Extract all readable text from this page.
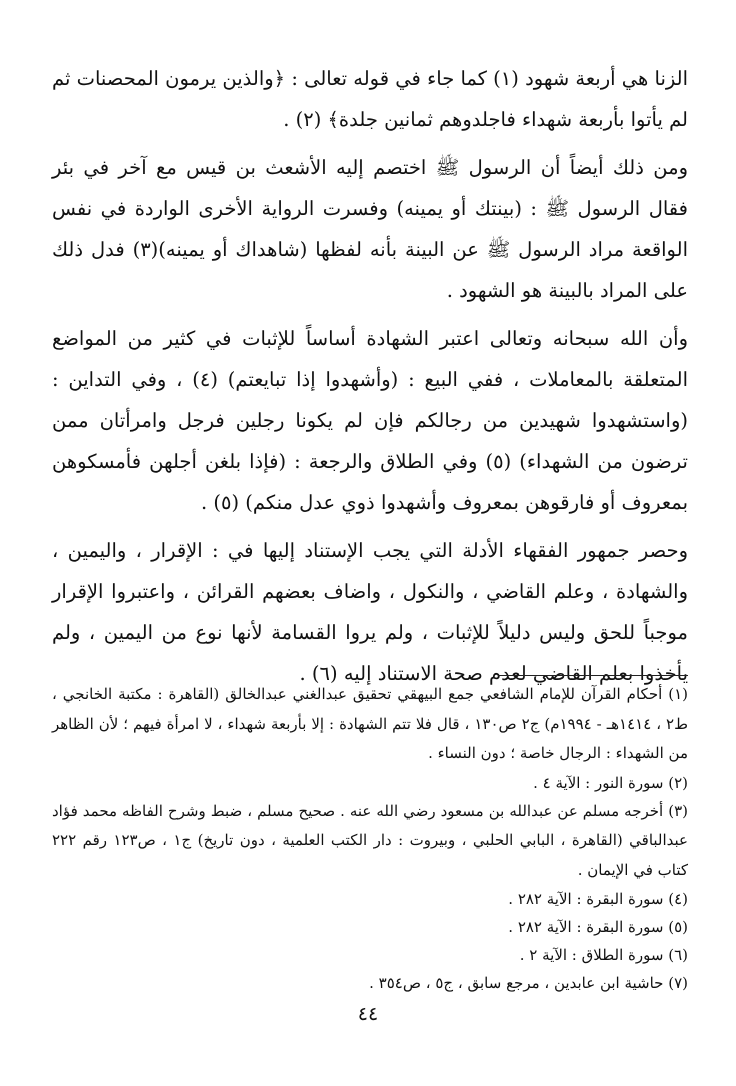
الزنا هي أربعة شهود (١) كما جاء في قوله تعالى : ﴿والذين يرمون المحصنات ثم لم يأتوا بأربعة شهداء فاجلدوهم ثمانين جلدة﴾ (٢) .

ومن ذلك أيضاً أن الرسول ﷺ اختصم إليه الأشعث بن قيس مع آخر في بئر فقال الرسول ﷺ : (بينتك أو يمينه) وفسرت الرواية الأخرى الواردة في نفس الواقعة مراد الرسول ﷺ عن البينة بأنه لفظها (شاهداك أو يمينه)(٣) فدل ذلك على المراد بالبينة هو الشهود .

وأن الله سبحانه وتعالى اعتبر الشهادة أساساً للإثبات في كثير من المواضع المتعلقة بالمعاملات ، ففي البيع : (وأشهدوا إذا تبايعتم) (٤) ، وفي التداين : (واستشهدوا شهيدين من رجالكم فإن لم يكونا رجلين فرجل وامرأتان ممن ترضون من الشهداء) (٥) وفي الطلاق والرجعة : (فإذا بلغن أجلهن فأمسكوهن بمعروف أو فارقوهن بمعروف وأشهدوا ذوي عدل منكم) (٥) .

وحصر جمهور الفقهاء الأدلة التي يجب الإستناد إليها في : الإقرار ، واليمين ، والشهادة ، وعلم القاضي ، والنكول ، واضاف بعضهم القرائن ، واعتبروا الإقرار موجباً للحق وليس دليلاً للإثبات ، ولم يروا القسامة لأنها نوع من اليمين ، ولم يأخذوا بعلم القاضي لعدم صحة الاستناد إليه (٦) .

(١) أحكام القرآن للإمام الشافعي جمع البيهقي تحقيق عبدالغني عبدالخالق (القاهرة : مكتبة الخانجي ، ط٢ ، ١٤١٤هـ - ١٩٩٤م) ج٢ ص١٣٠ ، قال فلا تتم الشهادة : إلا بأربعة شهداء ، لا امرأة فيهم ؛ لأن الظاهر من الشهداء : الرجال خاصة ؛ دون النساء .

(٢) سورة النور : الآية ٤ .

(٣) أخرجه مسلم عن عبدالله بن مسعود رضي الله عنه . صحيح مسلم ، ضبط وشرح الفاظه محمد فؤاد عبدالباقي (القاهرة ، البابي الحلبي ، وبيروت : دار الكتب العلمية ، دون تاريخ) ج١ ، ص١٢٣ رقم ٢٢٢ كتاب في الإيمان .

(٤) سورة البقرة : الآية ٢٨٢ .

(٥) سورة البقرة : الآية ٢٨٢ .

(٦) سورة الطلاق : الآية ٢ .

(٧) حاشية ابن عابدين ، مرجع سابق ، ج٥ ، ص٣٥٤ .

٤٤
